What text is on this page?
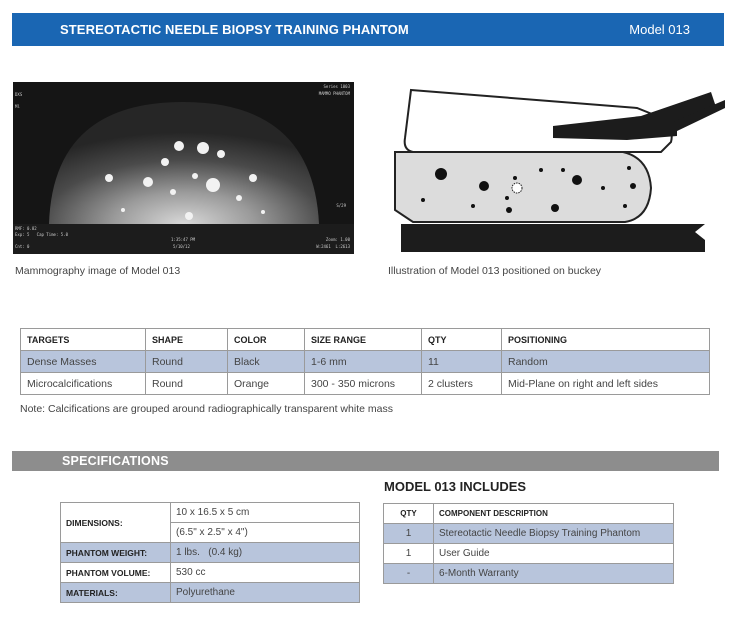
STEREOTACTIC NEEDLE BIOPSY TRAINING PHANTOM	Model 013
Series 1003
MAMMO PHANTOM
DXS
Ml
S/29
RMF: 0.82
Exp: 5   Cap Time: 5.0
Cnt: 0
1:35:47 PM
5/10/12
Zoom: 1.00
W:2461  L:2613
Mammography image of Model 013	Illustration of Model 013 positioned on buckey
TARGETS	SHAPE	COLOR	SIZE RANGE	QTY	POSITIONING
Dense Masses	Round	Black	1-6 mm	11	Random
Microcalcifications	Round	Orange	300 - 350 microns	2 clusters	Mid-Plane on right and left sides
Note: Calcifications are grouped around radiographically transparent white mass
SPECIFICATIONS
DIMENSIONS:	10 x 16.5 x 5 cm
	(6.5" x 2.5" x 4")
PHANTOM WEIGHT:	1 lbs.   (0.4 kg)
PHANTOM VOLUME:	530 cc
MATERIALS:	Polyurethane
MODEL 013 INCLUDES
QTY	COMPONENT DESCRIPTION
1	Stereotactic Needle Biopsy Training Phantom
1	User Guide
-	6-Month Warranty
